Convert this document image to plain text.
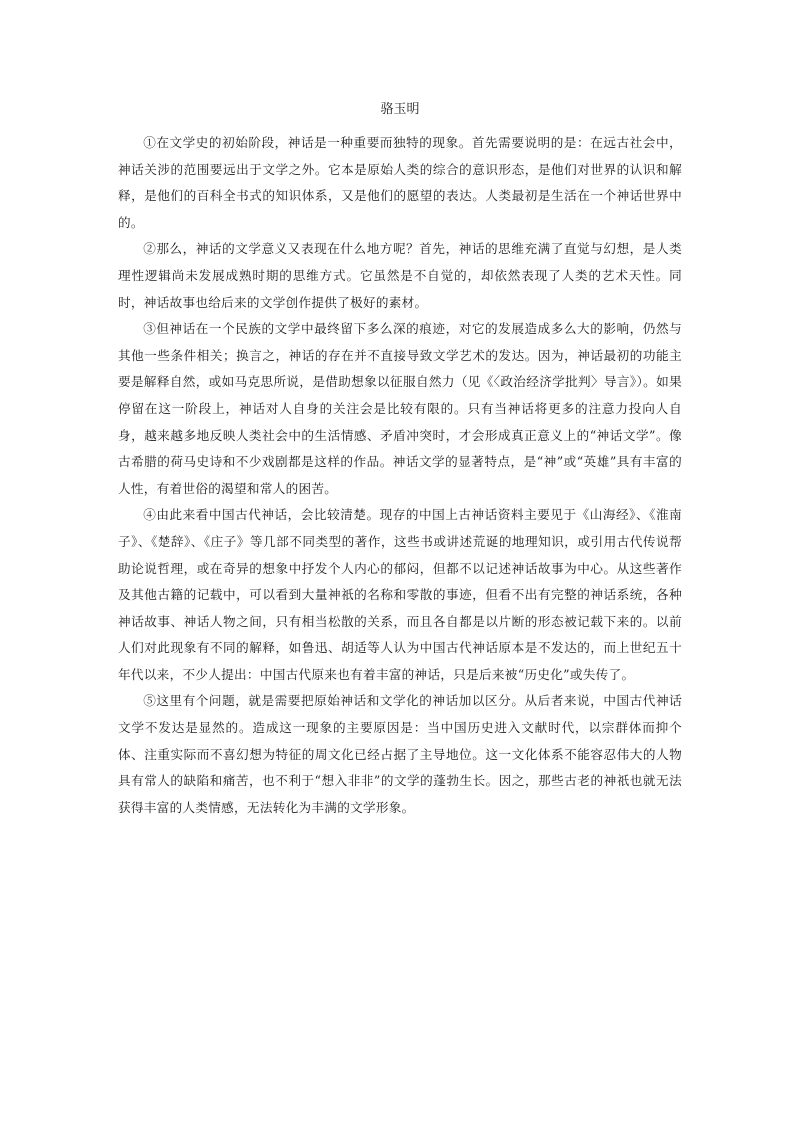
骆玉明

①在文学史的初始阶段，神话是一种重要而独特的现象。首先需要说明的是：在远古社会中，神话关涉的范围要远出于文学之外。它本是原始人类的综合的意识形态，是他们对世界的认识和解释，是他们的百科全书式的知识体系，又是他们的愿望的表达。人类最初是生活在一个神话世界中的。

②那么，神话的文学意义又表现在什么地方呢？首先，神话的思维充满了直觉与幻想，是人类理性逻辑尚未发展成熟时期的思维方式。它虽然是不自觉的，却依然表现了人类的艺术天性。同时，神话故事也给后来的文学创作提供了极好的素材。

③但神话在一个民族的文学中最终留下多么深的痕迹，对它的发展造成多么大的影响，仍然与其他一些条件相关；换言之，神话的存在并不直接导致文学艺术的发达。因为，神话最初的功能主要是解释自然，或如马克思所说，是借助想象以征服自然力（见《〈政治经济学批判〉导言》）。如果停留在这一阶段上，神话对人自身的关注会是比较有限的。只有当神话将更多的注意力投向人自身，越来越多地反映人类社会中的生活情感、矛盾冲突时，才会形成真正意义上的“神话文学”。像古希腊的荷马史诗和不少戏剧都是这样的作品。神话文学的显著特点，是“神”或“英雄”具有丰富的人性，有着世俗的渴望和常人的困苦。

④由此来看中国古代神话，会比较清楚。现存的中国上古神话资料主要见于《山海经》、《淮南子》、《楚辞》、《庄子》等几部不同类型的著作，这些书或讲述荒诞的地理知识，或引用古代传说帮助论说哲理，或在奇异的想象中抒发个人内心的郁闷，但都不以记述神话故事为中心。从这些著作及其他古籍的记载中，可以看到大量神祇的名称和零散的事迹，但看不出有完整的神话系统，各种神话故事、神话人物之间，只有相当松散的关系，而且各自都是以片断的形态被记载下来的。以前人们对此现象有不同的解释，如鲁迅、胡适等人认为中国古代神话原本是不发达的，而上世纪五十年代以来，不少人提出：中国古代原来也有着丰富的神话，只是后来被“历史化”或失传了。

⑤这里有个问题，就是需要把原始神话和文学化的神话加以区分。从后者来说，中国古代神话文学不发达是显然的。造成这一现象的主要原因是：当中国历史进入文献时代，以宗群体而抑个体、注重实际而不喜幻想为特征的周文化已经占据了主导地位。这一文化体系不能容忍伟大的人物具有常人的缺陷和痛苦，也不利于“想入非非”的文学的蓬勃生长。因之，那些古老的神祇也就无法获得丰富的人类情感，无法转化为丰满的文学形象。
